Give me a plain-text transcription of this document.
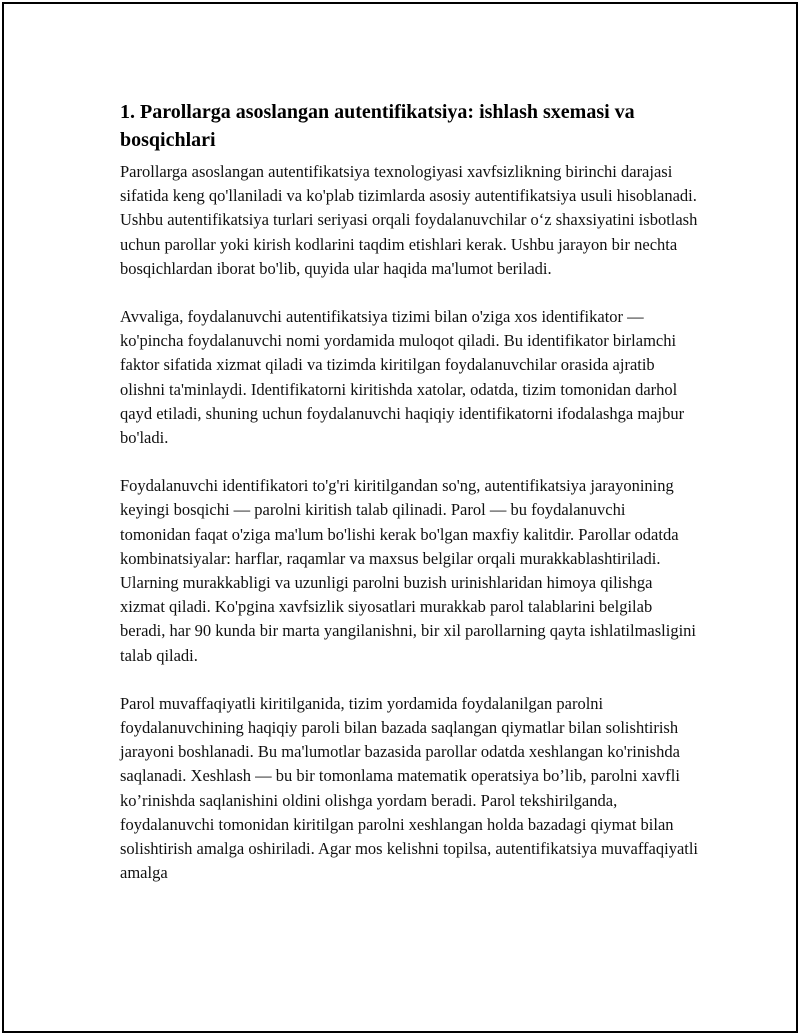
1. Parollarga asoslangan autentifikatsiya: ishlash sxemasi va bosqichlari

Parollarga asoslangan autentifikatsiya texnologiyasi xavfsizlikning birinchi darajasi sifatida keng qo'llaniladi va ko'plab tizimlarda asosiy autentifikatsiya usuli hisoblanadi. Ushbu autentifikatsiya turlari seriyasi orqali foydalanuvchilar o‘z shaxsiyatini isbotlash uchun parollar yoki kirish kodlarini taqdim etishlari kerak. Ushbu jarayon bir nechta bosqichlardan iborat bo'lib, quyida ular haqida ma'lumot beriladi.

Avvaliga, foydalanuvchi autentifikatsiya tizimi bilan o'ziga xos identifikator — ko'pincha foydalanuvchi nomi yordamida muloqot qiladi. Bu identifikator birlamchi faktor sifatida xizmat qiladi va tizimda kiritilgan foydalanuvchilar orasida ajratib olishni ta'minlaydi. Identifikatorni kiritishda xatolar, odatda, tizim tomonidan darhol qayd etiladi, shuning uchun foydalanuvchi haqiqiy identifikatorni ifodalashga majbur bo'ladi.

Foydalanuvchi identifikatori to'g'ri kiritilgandan so'ng, autentifikatsiya jarayonining keyingi bosqichi — parolni kiritish talab qilinadi. Parol — bu foydalanuvchi tomonidan faqat o'ziga ma'lum bo'lishi kerak bo'lgan maxfiy kalitdir. Parollar odatda kombinatsiyalar: harflar, raqamlar va maxsus belgilar orqali murakkablashtiriladi. Ularning murakkabligi va uzunligi parolni buzish urinishlaridan himoya qilishga xizmat qiladi. Ko'pgina xavfsizlik siyosatlari murakkab parol talablarini belgilab beradi, har 90 kunda bir marta yangilanishni, bir xil parollarning qayta ishlatilmasligini talab qiladi.

Parol muvaffaqiyatli kiritilganida, tizim yordamida foydalanilgan parolni foydalanuvchining haqiqiy paroli bilan bazada saqlangan qiymatlar bilan solishtirish jarayoni boshlanadi. Bu ma'lumotlar bazasida parollar odatda xeshlangan ko'rinishda saqlanadi. Xeshlash — bu bir tomonlama matematik operatsiya bo’lib, parolni xavfli ko’rinishda saqlanishini oldini olishga yordam beradi. Parol tekshirilganda, foydalanuvchi tomonidan kiritilgan parolni xeshlangan holda bazadagi qiymat bilan solishtirish amalga oshiriladi. Agar mos kelishni topilsa, autentifikatsiya muvaffaqiyatli amalga
